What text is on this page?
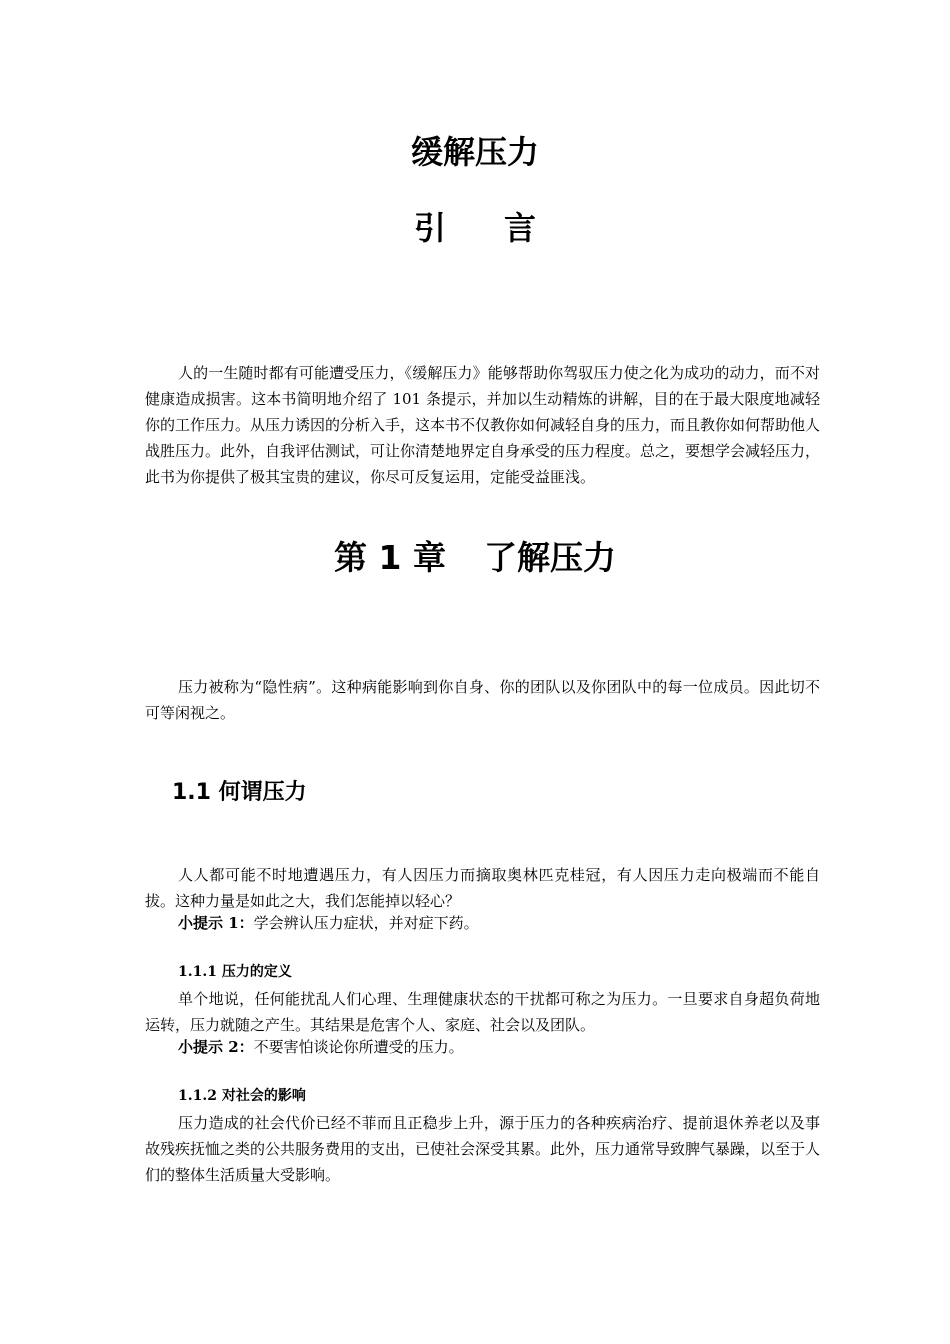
缓解压力
引言

人的一生随时都有可能遭受压力，《缓解压力》能够帮助你驾驭压力使之化为成功的动力，而不对健康造成损害。这本书简明地介绍了 101 条提示，并加以生动精炼的讲解，目的在于最大限度地减轻你的工作压力。从压力诱因的分析入手，这本书不仅教你如何减轻自身的压力，而且教你如何帮助他人战胜压力。此外，自我评估测试，可让你清楚地界定自身承受的压力程度。总之，要想学会减轻压力，此书为你提供了极其宝贵的建议，你尽可反复运用，定能受益匪浅。

第 1 章 了解压力

压力被称为“隐性病”。这种病能影响到你自身、你的团队以及你团队中的每一位成员。因此切不可等闲视之。

1.1 何谓压力

人人都可能不时地遭遇压力，有人因压力而摘取奥林匹克桂冠，有人因压力走向极端而不能自拔。这种力量是如此之大，我们怎能掉以轻心？

小提示 1：学会辨认压力症状，并对症下药。

1.1.1 压力的定义

单个地说，任何能扰乱人们心理、生理健康状态的干扰都可称之为压力。一旦要求自身超负荷地运转，压力就随之产生。其结果是危害个人、家庭、社会以及团队。

小提示 2：不要害怕谈论你所遭受的压力。

1.1.2 对社会的影响

压力造成的社会代价已经不菲而且正稳步上升，源于压力的各种疾病治疗、提前退休养老以及事故残疾抚恤之类的公共服务费用的支出，已使社会深受其累。此外，压力通常导致脾气暴躁，以至于人们的整体生活质量大受影响。
